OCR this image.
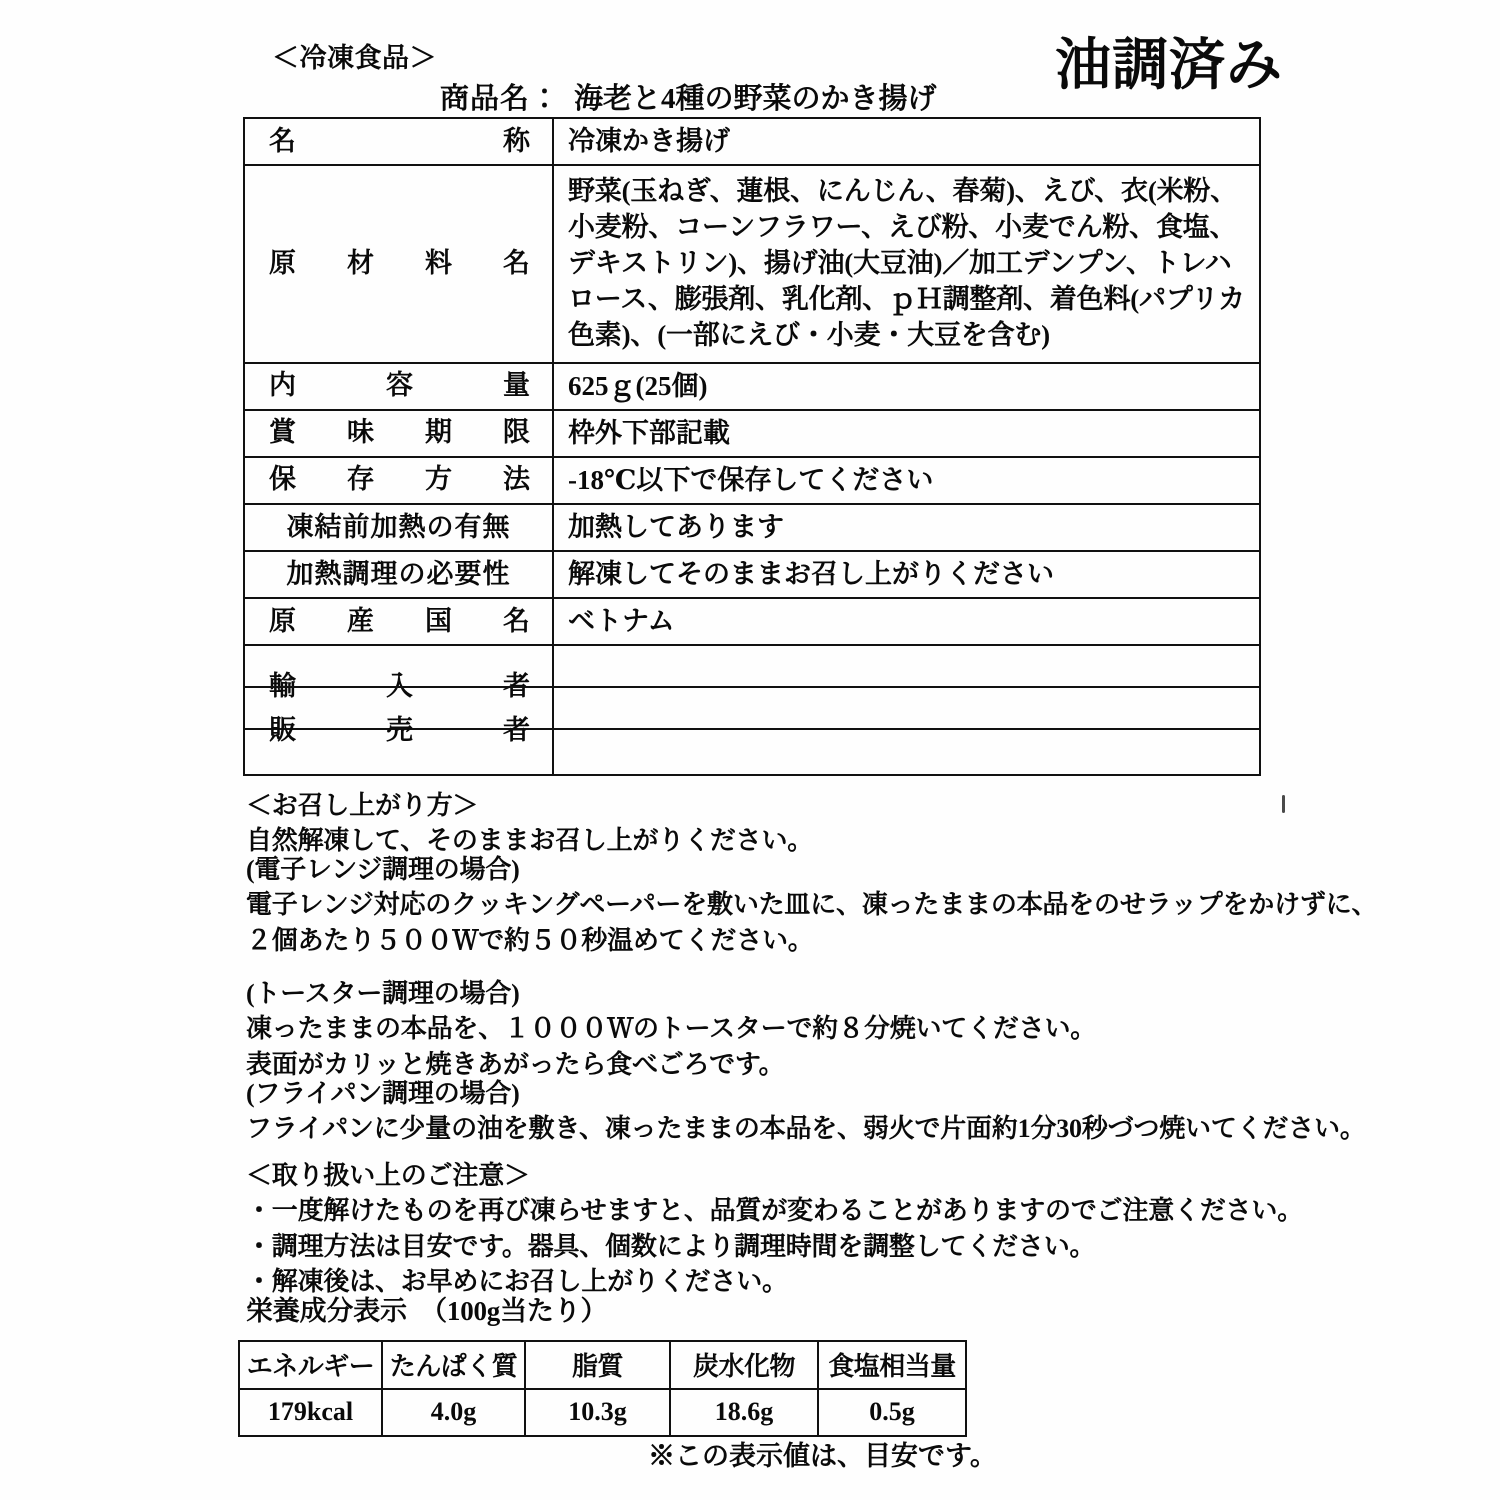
＜冷凍食品＞
商品名： 海老と4種の野菜のかき揚げ
油調済み
名称	冷凍かき揚げ

原材料名	野菜(玉ねぎ、蓮根、にんじん、春菊)、えび、衣(米粉、小麦粉、コーンフラワー、えび粉、小麦でん粉、食塩、デキストリン)、揚げ油(大豆油)／加工デンプン、トレハロース、膨張剤、乳化剤、ｐＨ調整剤、着色料(パプリカ色素)、(一部にえび・小麦・大豆を含む)

内容量	625ｇ(25個)

賞味期限	枠外下部記載

保存方法	-18℃以下で保存してください

凍結前加熱の有無	加熱してあります

加熱調理の必要性	解凍してそのままお召し上がりください

原産国名	ベトナム

輸入者	

販売者

＜お召し上がり方＞

自然解凍して、そのままお召し上がりください。

(電子レンジ調理の場合)

電子レンジ対応のクッキングペーパーを敷いた皿に、凍ったままの本品をのせラップをかけずに、

２個あたり５００Ｗで約５０秒温めてください。

(トースター調理の場合)

凍ったままの本品を、１０００Ｗのトースターで約８分焼いてください。

表面がカリッと焼きあがったら食べごろです。

(フライパン調理の場合)

フライパンに少量の油を敷き、凍ったままの本品を、弱火で片面約1分30秒づつ焼いてください。

＜取り扱い上のご注意＞

・一度解けたものを再び凍らせますと、品質が変わることがありますのでご注意ください。

・調理方法は目安です。器具、個数により調理時間を調整してください。

・解凍後は、お早めにお召し上がりください。

栄養成分表示　（100g当たり）
エネルギー	たんぱく質	脂質	炭水化物	食塩相当量
179kcal	4.0g	10.3g	18.6g	0.5g
※この表示値は、目安です。
